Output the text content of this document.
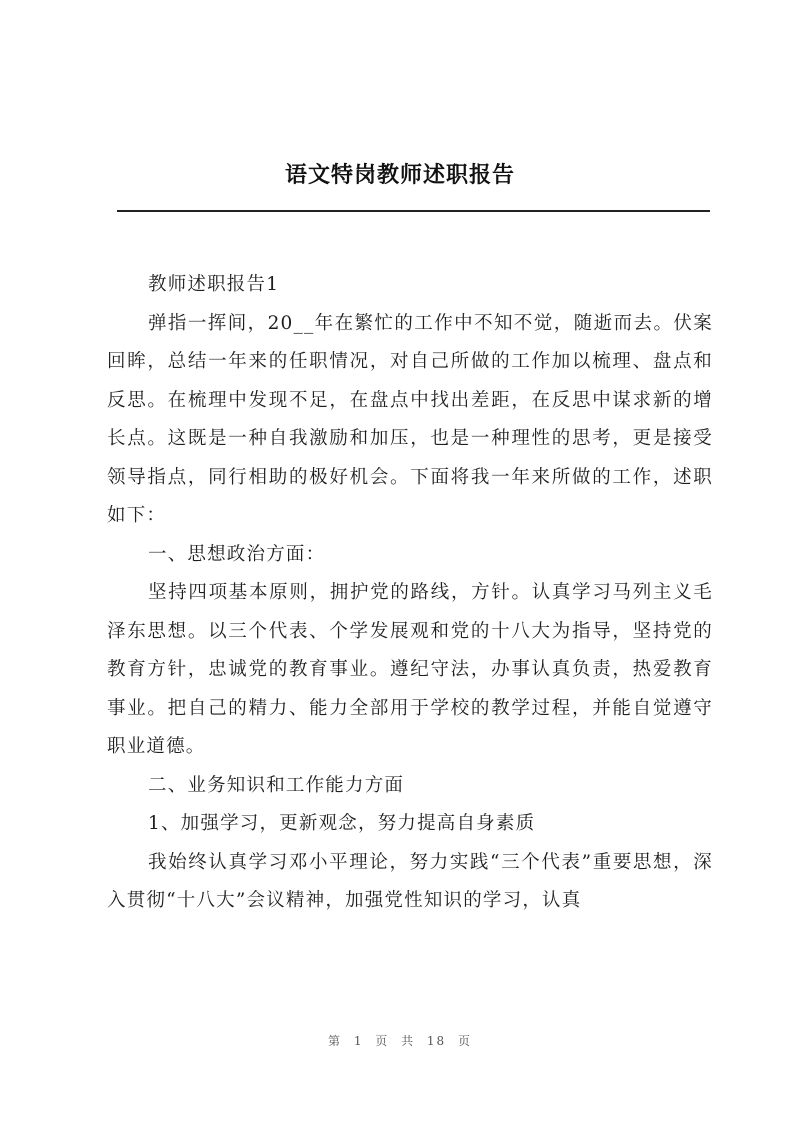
语文特岗教师述职报告

教师述职报告1

弹指一挥间，20__年在繁忙的工作中不知不觉，随逝而去。伏案回眸，总结一年来的任职情况，对自己所做的工作加以梳理、盘点和反思。在梳理中发现不足，在盘点中找出差距，在反思中谋求新的增长点。这既是一种自我激励和加压，也是一种理性的思考，更是接受领导指点，同行相助的极好机会。下面将我一年来所做的工作，述职如下：

一、思想政治方面：

坚持四项基本原则，拥护党的路线，方针。认真学习马列主义毛泽东思想。以三个代表、个学发展观和党的十八大为指导，坚持党的教育方针，忠诚党的教育事业。遵纪守法，办事认真负责，热爱教育事业。把自己的精力、能力全部用于学校的教学过程，并能自觉遵守职业道德。

二、业务知识和工作能力方面

1、加强学习，更新观念，努力提高自身素质

我始终认真学习邓小平理论，努力实践“三个代表”重要思想，深入贯彻“十八大”会议精神，加强党性知识的学习，认真

第 1 页 共 18 页
